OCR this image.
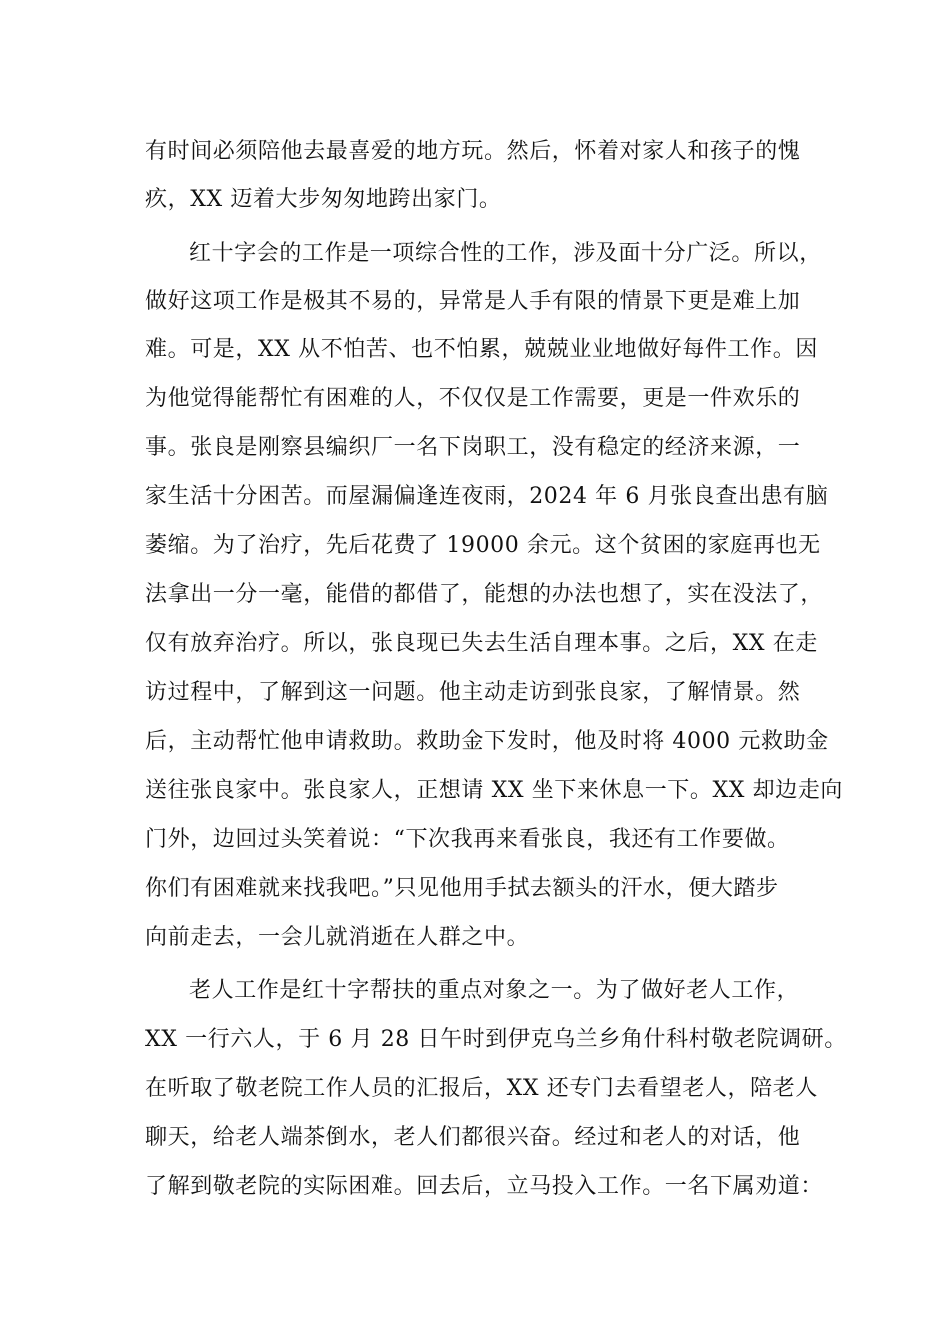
有时间必须陪他去最喜爱的地方玩。然后，怀着对家人和孩子的愧
疚，XX 迈着大步匆匆地跨出家门。
红十字会的工作是一项综合性的工作，涉及面十分广泛。所以，
做好这项工作是极其不易的，异常是人手有限的情景下更是难上加
难。可是，XX 从不怕苦、也不怕累，兢兢业业地做好每件工作。因
为他觉得能帮忙有困难的人，不仅仅是工作需要，更是一件欢乐的
事。张良是刚察县编织厂一名下岗职工，没有稳定的经济来源，一
家生活十分困苦。而屋漏偏逢连夜雨，2024 年 6 月张良查出患有脑
萎缩。为了治疗，先后花费了 19000 余元。这个贫困的家庭再也无
法拿出一分一毫，能借的都借了，能想的办法也想了，实在没法了，
仅有放弃治疗。所以，张良现已失去生活自理本事。之后，XX 在走
访过程中，了解到这一问题。他主动走访到张良家，了解情景。然
后，主动帮忙他申请救助。救助金下发时，他及时将 4000 元救助金
送往张良家中。张良家人，正想请 XX 坐下来休息一下。XX 却边走向
门外，边回过头笑着说：“下次我再来看张良，我还有工作要做。
你们有困难就来找我吧。”只见他用手拭去额头的汗水，便大踏步
向前走去，一会儿就消逝在人群之中。
老人工作是红十字帮扶的重点对象之一。为了做好老人工作，
XX 一行六人，于 6 月 28 日午时到伊克乌兰乡角什科村敬老院调研。
在听取了敬老院工作人员的汇报后，XX 还专门去看望老人，陪老人
聊天，给老人端茶倒水，老人们都很兴奋。经过和老人的对话，他
了解到敬老院的实际困难。回去后，立马投入工作。一名下属劝道：
